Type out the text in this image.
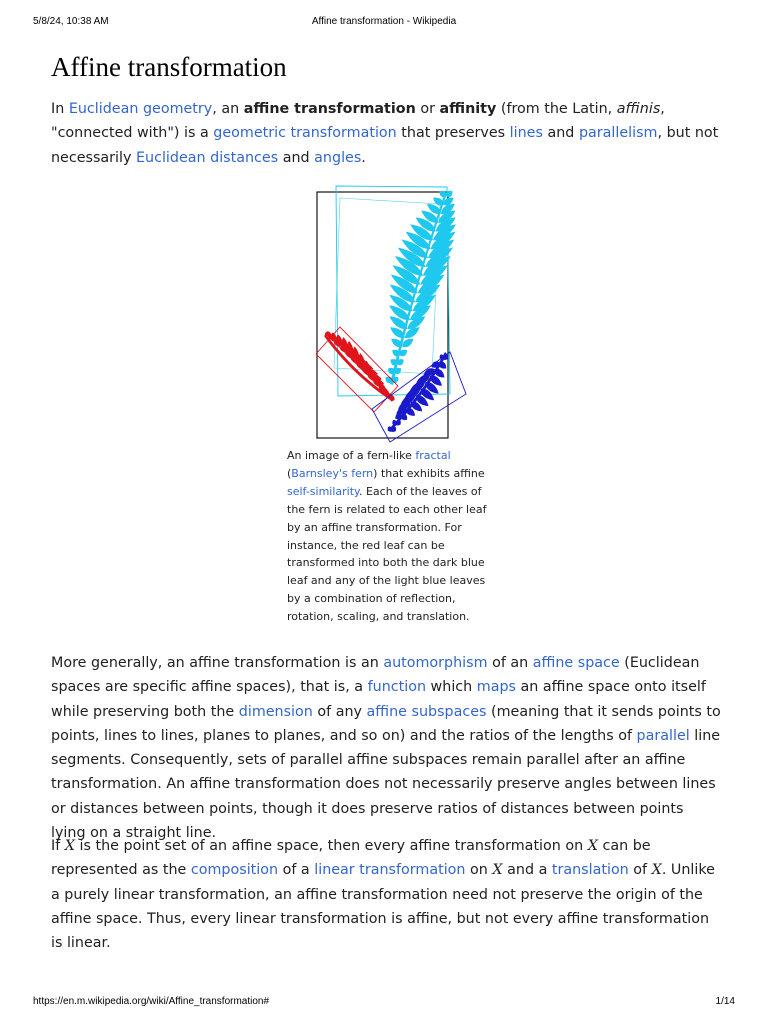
5/8/24, 10:38 AM	Affine transformation - Wikipedia
Affine transformation

In Euclidean geometry, an affine transformation or affinity (from the Latin, affinis, "connected with") is a geometric transformation that preserves lines and parallelism, but not necessarily Euclidean distances and angles.

An image of a fern-like fractal (Barnsley's fern) that exhibits affine self-similarity. Each of the leaves of the fern is related to each other leaf by an affine transformation. For instance, the red leaf can be transformed into both the dark blue leaf and any of the light blue leaves by a combination of reflection, rotation, scaling, and translation.

More generally, an affine transformation is an automorphism of an affine space (Euclidean spaces are specific affine spaces), that is, a function which maps an affine space onto itself while preserving both the dimension of any affine subspaces (meaning that it sends points to points, lines to lines, planes to planes, and so on) and the ratios of the lengths of parallel line segments. Consequently, sets of parallel affine subspaces remain parallel after an affine transformation. An affine transformation does not necessarily preserve angles between lines or distances between points, though it does preserve ratios of distances between points lying on a straight line.

If X is the point set of an affine space, then every affine transformation on X can be represented as the composition of a linear transformation on X and a translation of X. Unlike a purely linear transformation, an affine transformation need not preserve the origin of the affine space. Thus, every linear transformation is affine, but not every affine transformation is linear.

https://en.m.wikipedia.org/wiki/Affine_transformation#	1/14
